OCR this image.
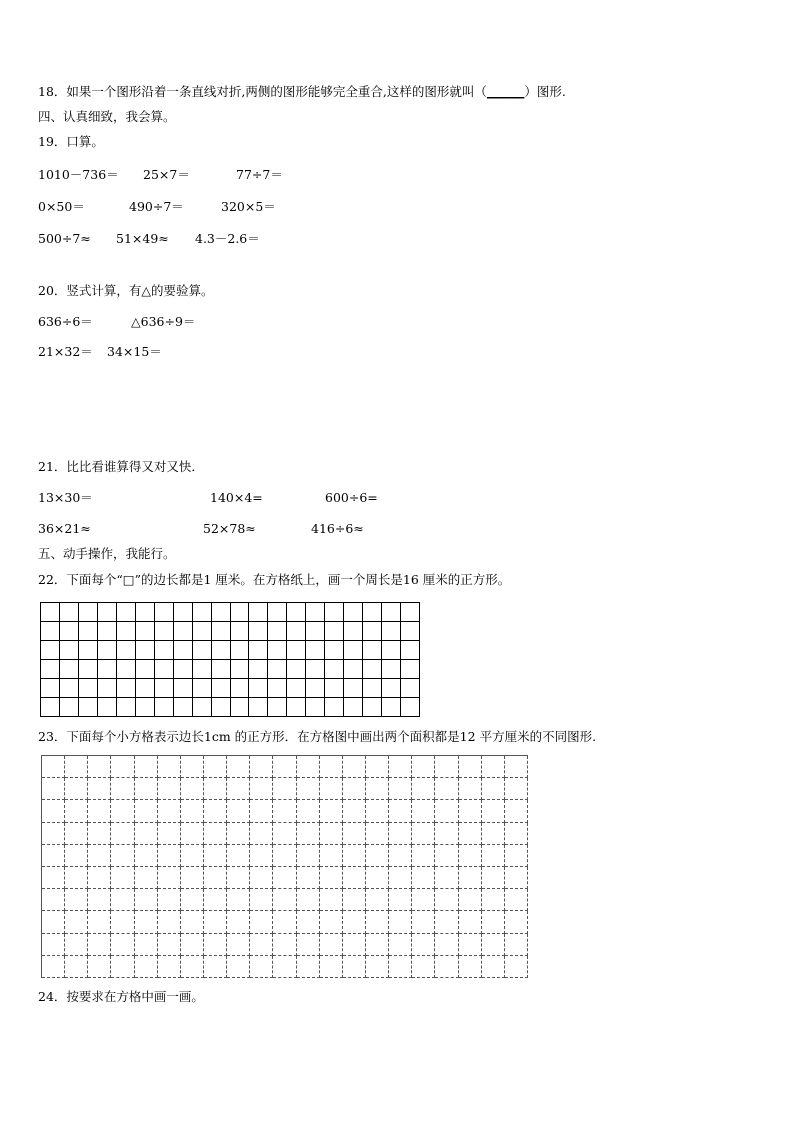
18．如果一个图形沿着一条直线对折,两侧的图形能够完全重合,这样的图形就叫（______）图形.
四、认真细致，我会算。
19．口算。
1010－736＝ 25×7＝	77÷7＝
0×50＝	490÷7＝	320×5＝
500÷7≈ 51×49≈ 4.3－2.6＝
20．竖式计算，有△的要验算。
636÷6＝	△636÷9＝
21×32＝ 34×15＝
21．比比看谁算得又对又快．
13×30＝	140×4=	600÷6=
36×21≈	52×78≈	416÷6≈
五、动手操作，我能行。
22．下面每个“□”的边长都是1 厘米。在方格纸上，画一个周长是16 厘米的正方形。
23．下面每个小方格表示边长1cm 的正方形．在方格图中画出两个面积都是12 平方厘米的不同图形.
24．按要求在方格中画一画。
